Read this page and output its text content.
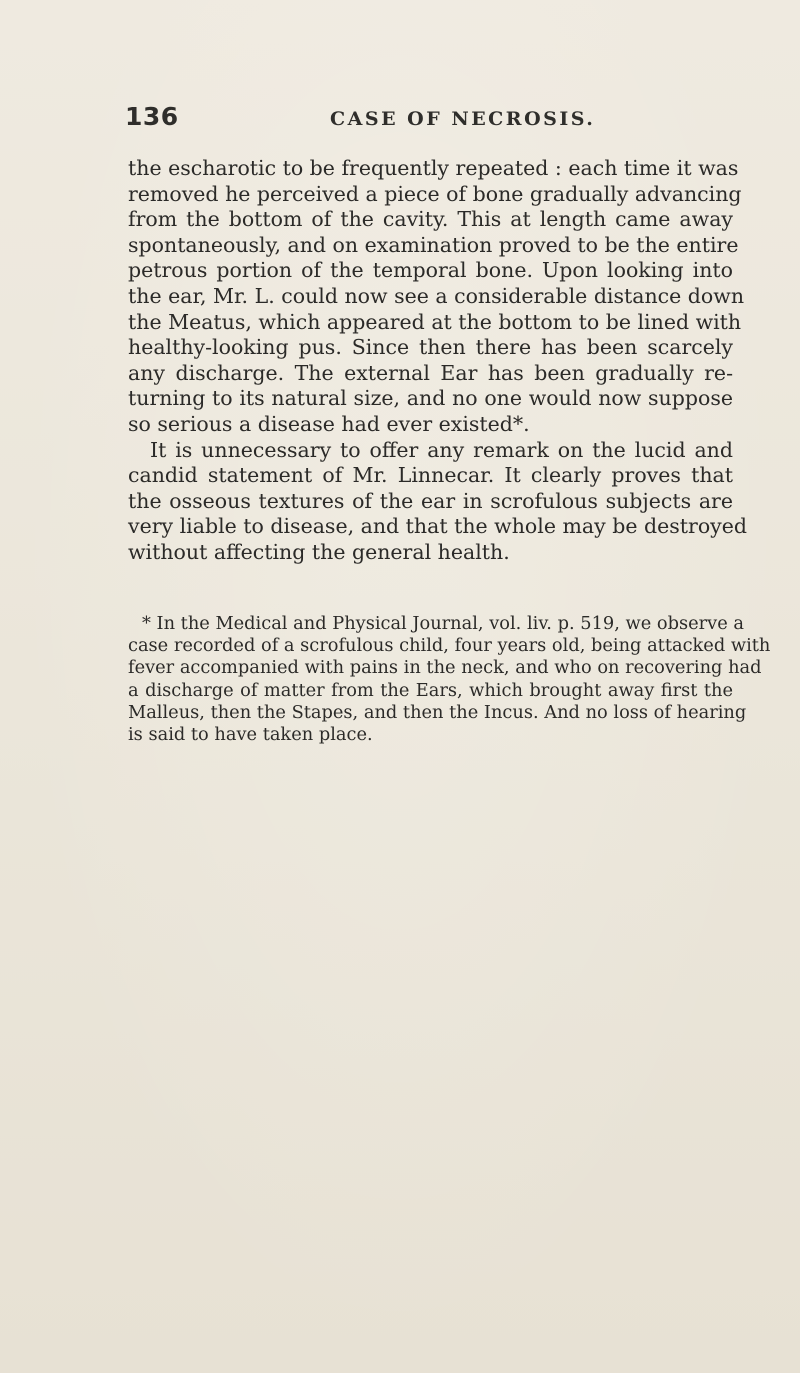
136	CASE OF NECROSIS.
the escharotic to be frequently repeated : each time it was
removed he perceived a piece of bone gradually advancing
from the bottom of the cavity. This at length came away
spontaneously, and on examination proved to be the entire
petrous portion of the temporal bone. Upon looking into
the ear, Mr. L. could now see a considerable distance down
the Meatus, which appeared at the bottom to be lined with
healthy-looking pus. Since then there has been scarcely
any discharge. The external Ear has been gradually re-
turning to its natural size, and no one would now suppose
so serious a disease had ever existed*.
It is unnecessary to offer any remark on the lucid and
candid statement of Mr. Linnecar. It clearly proves that
the osseous textures of the ear in scrofulous subjects are
very liable to disease, and that the whole may be destroyed
without affecting the general health.
* In the Medical and Physical Journal, vol. liv. p. 519, we observe a
case recorded of a scrofulous child, four years old, being attacked with
fever accompanied with pains in the neck, and who on recovering had
a discharge of matter from the Ears, which brought away first the
Malleus, then the Stapes, and then the Incus. And no loss of hearing
is said to have taken place.
